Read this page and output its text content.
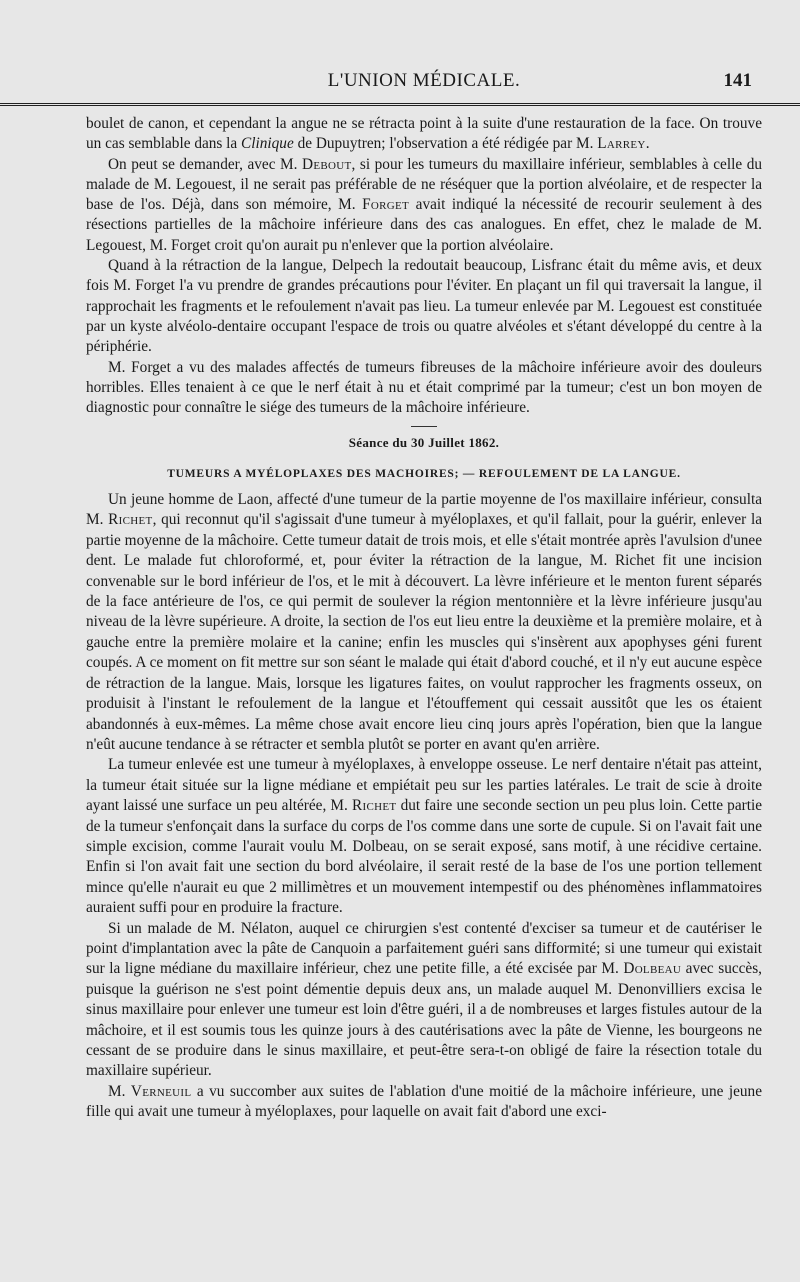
L'UNION MÉDICALE.	141

boulet de canon, et cependant la angue ne se rétracta point à la suite d'une restauration de la face. On trouve un cas semblable dans la Clinique de Dupuytren; l'observation a été rédigée par M. Larrey.

On peut se demander, avec M. Debout, si pour les tumeurs du maxillaire inférieur, semblables à celle du malade de M. Legouest, il ne serait pas préférable de ne réséquer que la portion alvéolaire, et de respecter la base de l'os. Déjà, dans son mémoire, M. Forget avait indiqué la nécessité de recourir seulement à des résections partielles de la mâchoire inférieure dans des cas analogues. En effet, chez le malade de M. Legouest, M. Forget croit qu'on aurait pu n'enlever que la portion alvéolaire.

Quand à la rétraction de la langue, Delpech la redoutait beaucoup, Lisfranc était du même avis, et deux fois M. Forget l'a vu prendre de grandes précautions pour l'éviter. En plaçant un fil qui traversait la langue, il rapprochait les fragments et le refoulement n'avait pas lieu. La tumeur enlevée par M. Legouest est constituée par un kyste alvéolo-dentaire occupant l'espace de trois ou quatre alvéoles et s'étant développé du centre à la périphérie.

M. Forget a vu des malades affectés de tumeurs fibreuses de la mâchoire inférieure avoir des douleurs horribles. Elles tenaient à ce que le nerf était à nu et était comprimé par la tumeur; c'est un bon moyen de diagnostic pour connaître le siége des tumeurs de la mâchoire inférieure.

Séance du 30 Juillet 1862.
TUMEURS A MYÉLOPLAXES DES MACHOIRES; — REFOULEMENT DE LA LANGUE.

Un jeune homme de Laon, affecté d'une tumeur de la partie moyenne de l'os maxillaire inférieur, consulta M. Richet, qui reconnut qu'il s'agissait d'une tumeur à myéloplaxes, et qu'il fallait, pour la guérir, enlever la partie moyenne de la mâchoire. Cette tumeur datait de trois mois, et elle s'était montrée après l'avulsion d'unee dent. Le malade fut chloroformé, et, pour éviter la rétraction de la langue, M. Richet fit une incision convenable sur le bord inférieur de l'os, et le mit à découvert. La lèvre inférieure et le menton furent séparés de la face antérieure de l'os, ce qui permit de soulever la région mentonnière et la lèvre inférieure jusqu'au niveau de la lèvre supérieure. A droite, la section de l'os eut lieu entre la deuxième et la première molaire, et à gauche entre la première molaire et la canine; enfin les muscles qui s'insèrent aux apophyses géni furent coupés. A ce moment on fit mettre sur son séant le malade qui était d'abord couché, et il n'y eut aucune espèce de rétraction de la langue. Mais, lorsque les ligatures faites, on voulut rapprocher les fragments osseux, on produisit à l'instant le refoulement de la langue et l'étouffement qui cessait aussitôt que les os étaient abandonnés à eux-mêmes. La même chose avait encore lieu cinq jours après l'opération, bien que la langue n'eût aucune tendance à se rétracter et sembla plutôt se porter en avant qu'en arrière.

La tumeur enlevée est une tumeur à myéloplaxes, à enveloppe osseuse. Le nerf dentaire n'était pas atteint, la tumeur était située sur la ligne médiane et empiétait peu sur les parties latérales. Le trait de scie à droite ayant laissé une surface un peu altérée, M. Richet dut faire une seconde section un peu plus loin. Cette partie de la tumeur s'enfonçait dans la surface du corps de l'os comme dans une sorte de cupule. Si on l'avait fait une simple excision, comme l'aurait voulu M. Dolbeau, on se serait exposé, sans motif, à une récidive certaine. Enfin si l'on avait fait une section du bord alvéolaire, il serait resté de la base de l'os une portion tellement mince qu'elle n'aurait eu que 2 millimètres et un mouvement intempestif ou des phénomènes inflammatoires auraient suffi pour en produire la fracture.

Si un malade de M. Nélaton, auquel ce chirurgien s'est contenté d'exciser sa tumeur et de cautériser le point d'implantation avec la pâte de Canquoin a parfaitement guéri sans difformité; si une tumeur qui existait sur la ligne médiane du maxillaire inférieur, chez une petite fille, a été excisée par M. Dolbeau avec succès, puisque la guérison ne s'est point démentie depuis deux ans, un malade auquel M. Denonvilliers excisa le sinus maxillaire pour enlever une tumeur est loin d'être guéri, il a de nombreuses et larges fistules autour de la mâchoire, et il est soumis tous les quinze jours à des cautérisations avec la pâte de Vienne, les bourgeons ne cessant de se produire dans le sinus maxillaire, et peut-être sera-t-on obligé de faire la résection totale du maxillaire supérieur.

M. Verneuil a vu succomber aux suites de l'ablation d'une moitié de la mâchoire inférieure, une jeune fille qui avait une tumeur à myéloplaxes, pour laquelle on avait fait d'abord une exci-
